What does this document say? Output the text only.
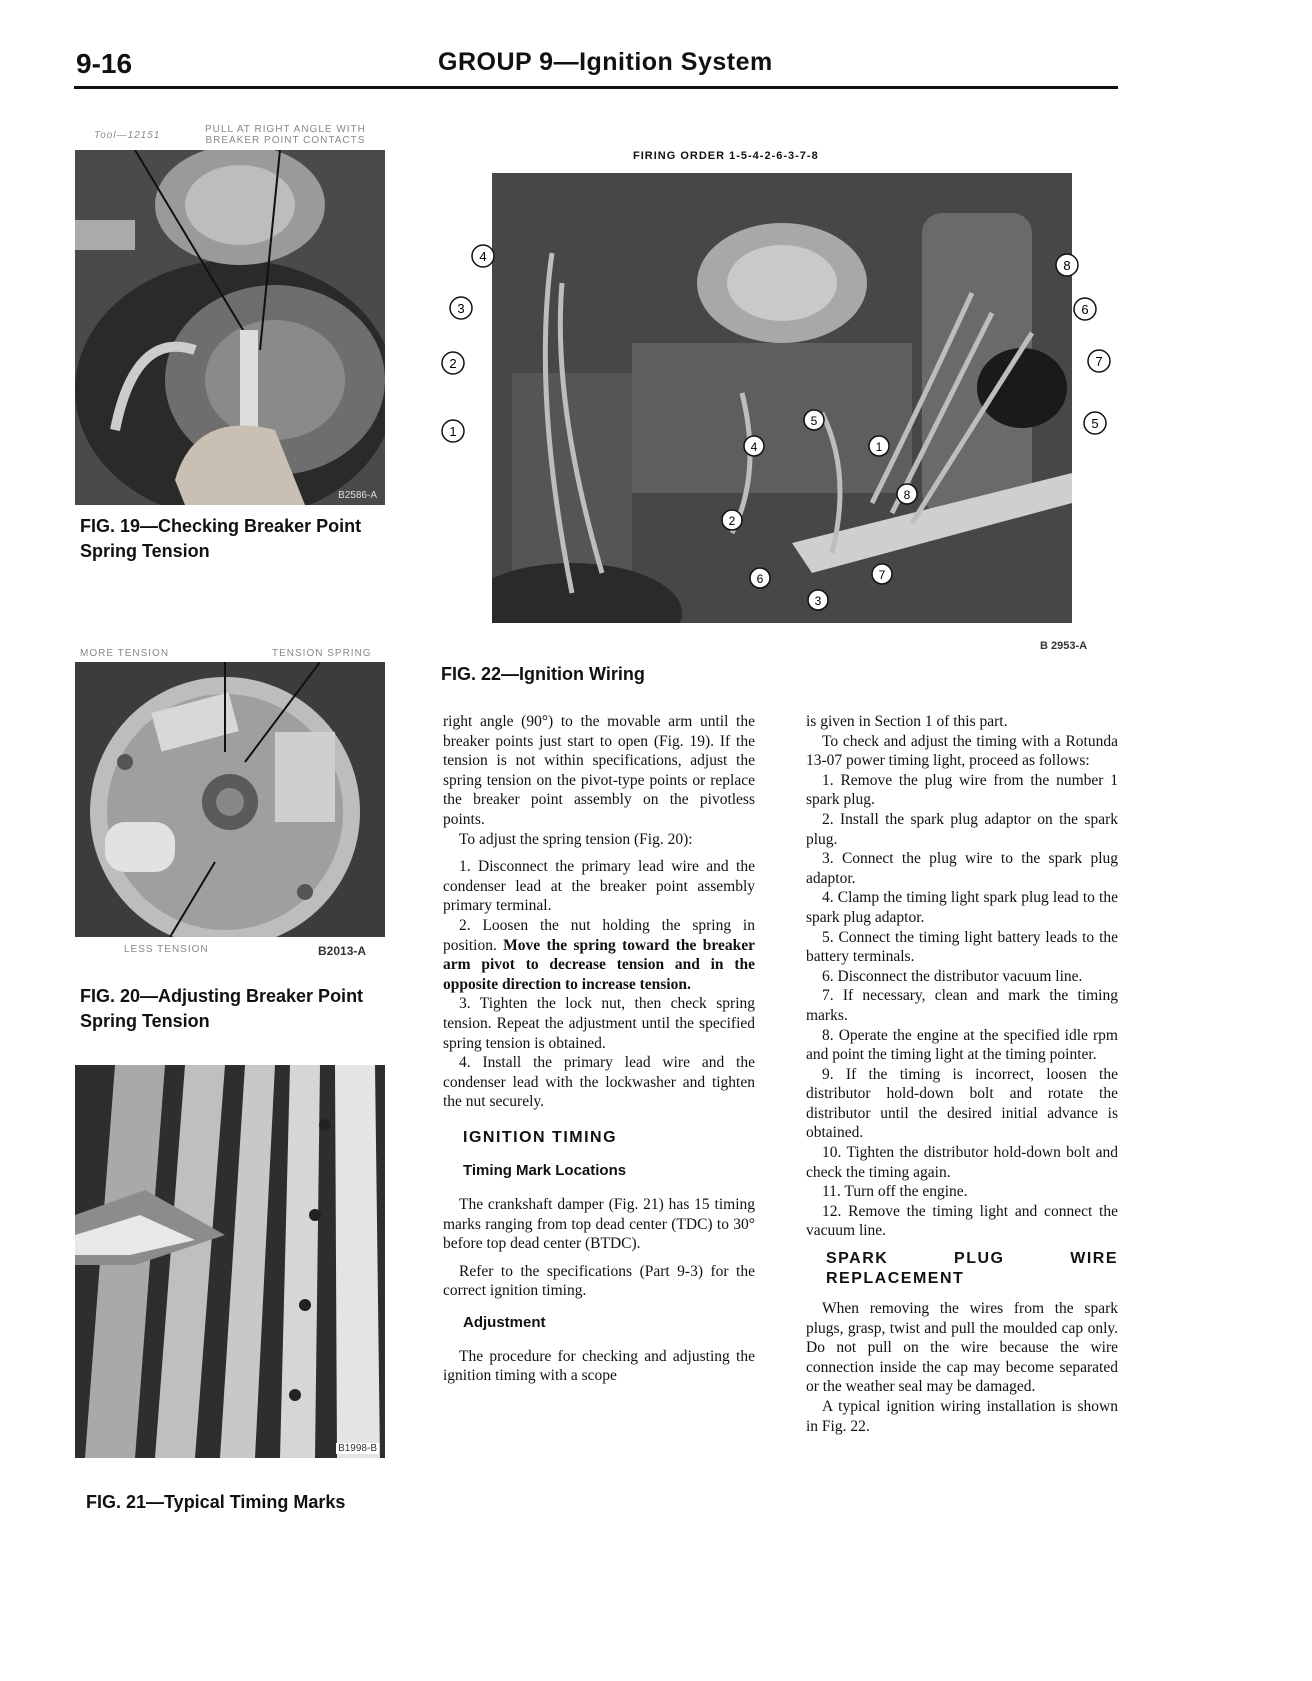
9-16	GROUP 9—Ignition System
Tool—12151
PULL AT RIGHT ANGLE WITH
BREAKER POINT CONTACTS
B2586-A
FIG. 19—Checking Breaker Point
Spring Tension
MORE TENSION	TENSION SPRING
LESS TENSION	B2013-A
FIG. 20—Adjusting Breaker Point
Spring Tension
B1998-B
FIG. 21—Typical Timing Marks
FIRING ORDER 1-5-4-2-6-3-7-8
4
3
2
1
8
6
7
5
5
4	1
8
2
6	7
3
B 2953-A
FIG. 22—Ignition Wiring

right angle (90°) to the movable arm until the breaker points just start to open (Fig. 19). If the tension is not within specifications, adjust the spring tension on the pivot-type points or replace the breaker point assembly on the pivotless points.

To adjust the spring tension (Fig. 20):

1. Disconnect the primary lead wire and the condenser lead at the breaker point assembly primary terminal.

2. Loosen the nut holding the spring in position. Move the spring toward the breaker arm pivot to decrease tension and in the opposite direction to increase tension.

3. Tighten the lock nut, then check spring tension. Repeat the adjustment until the specified spring tension is obtained.

4. Install the primary lead wire and the condenser lead with the lockwasher and tighten the nut securely.

IGNITION TIMING
Timing Mark Locations

The crankshaft damper (Fig. 21) has 15 timing marks ranging from top dead center (TDC) to 30° before top dead center (BTDC).

Refer to the specifications (Part 9-3) for the correct ignition timing.

Adjustment

The procedure for checking and adjusting the ignition timing with a scope

is given in Section 1 of this part.

To check and adjust the timing with a Rotunda 13-07 power timing light, proceed as follows:

1. Remove the plug wire from the number 1 spark plug.

2. Install the spark plug adaptor on the spark plug.

3. Connect the plug wire to the spark plug adaptor.

4. Clamp the timing light spark plug lead to the spark plug adaptor.

5. Connect the timing light battery leads to the battery terminals.

6. Disconnect the distributor vacuum line.

7. If necessary, clean and mark the timing marks.

8. Operate the engine at the specified idle rpm and point the timing light at the timing pointer.

9. If the timing is incorrect, loosen the distributor hold-down bolt and rotate the distributor until the desired initial advance is obtained.

10. Tighten the distributor hold-down bolt and check the timing again.

11. Turn off the engine.

12. Remove the timing light and connect the vacuum line.

SPARK PLUG WIRE REPLACEMENT

When removing the wires from the spark plugs, grasp, twist and pull the moulded cap only. Do not pull on the wire because the wire connection inside the cap may become separated or the weather seal may be damaged.

A typical ignition wiring installation is shown in Fig. 22.
